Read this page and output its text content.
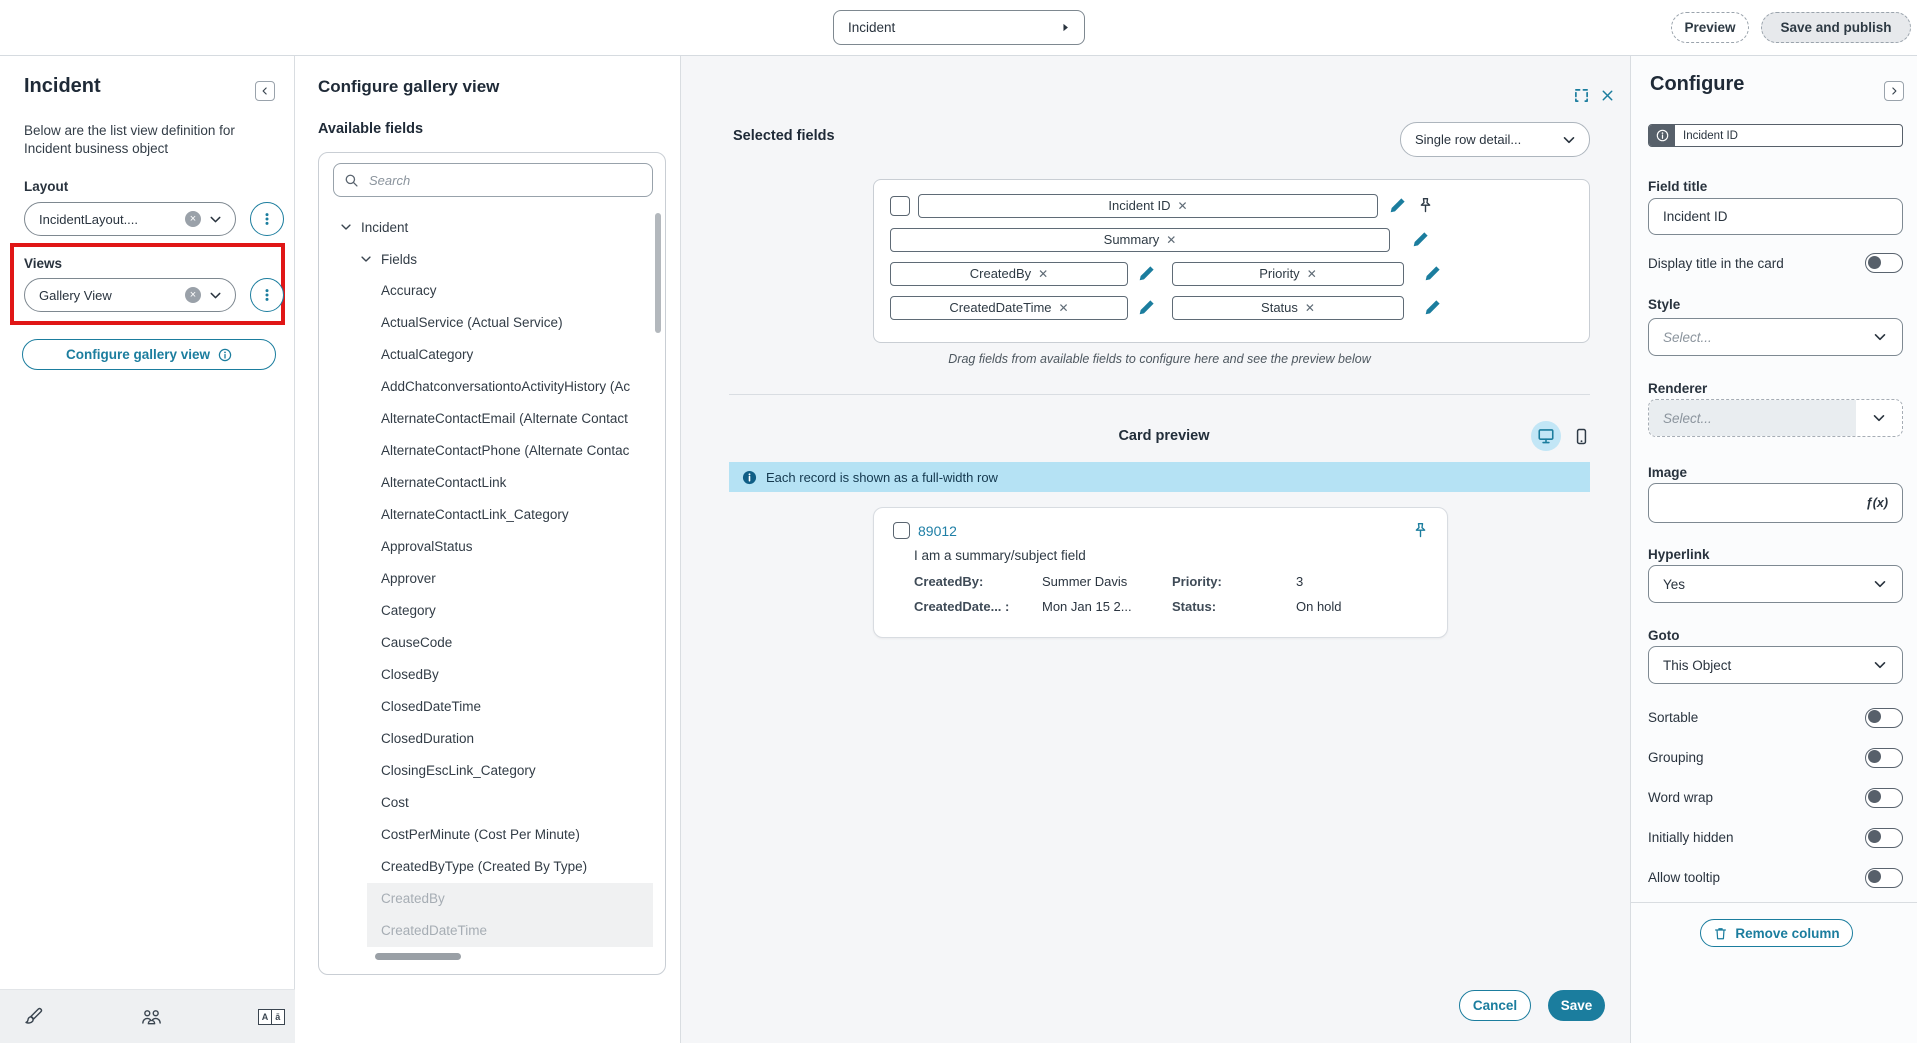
Incident	Preview	Save and publish
Incident
Below are the list view definition for Incident business object
Layout
IncidentLayout....	×
Views
Gallery View	×
Configure gallery view
A ā
Configure gallery view
Available fields
Search
Incident
Fields
Accuracy
ActualService (Actual Service)
ActualCategory
AddChatconversationtoActivityHistory (Ac
AlternateContactEmail (Alternate Contact
AlternateContactPhone (Alternate Contac
AlternateContactLink
AlternateContactLink_Category
ApprovalStatus
Approver
Category
CauseCode
ClosedBy
ClosedDateTime
ClosedDuration
ClosingEscLink_Category
Cost
CostPerMinute (Cost Per Minute)
CreatedByType (Created By Type)
CreatedBy
CreatedDateTime
Selected fields	Single row detail...
Incident ID ✕
Summary ✕
CreatedBy ✕	Priority ✕
CreatedDateTime ✕	Status ✕
Drag fields from available fields to configure here and see the preview below
Card preview
Each record is shown as a full-width row
89012
I am a summary/subject field
CreatedBy:	Summer Davis	Priority:	3
CreatedDate... :	Mon Jan 15 2...	Status:	On hold
Cancel	Save
Configure
Incident ID
Field title
Incident ID
Display title in the card
Style
Select...
Renderer
Select...
Image
ƒ(x)
Hyperlink
Yes
Goto
This Object
Sortable
Grouping
Word wrap
Initially hidden
Allow tooltip
Remove column
